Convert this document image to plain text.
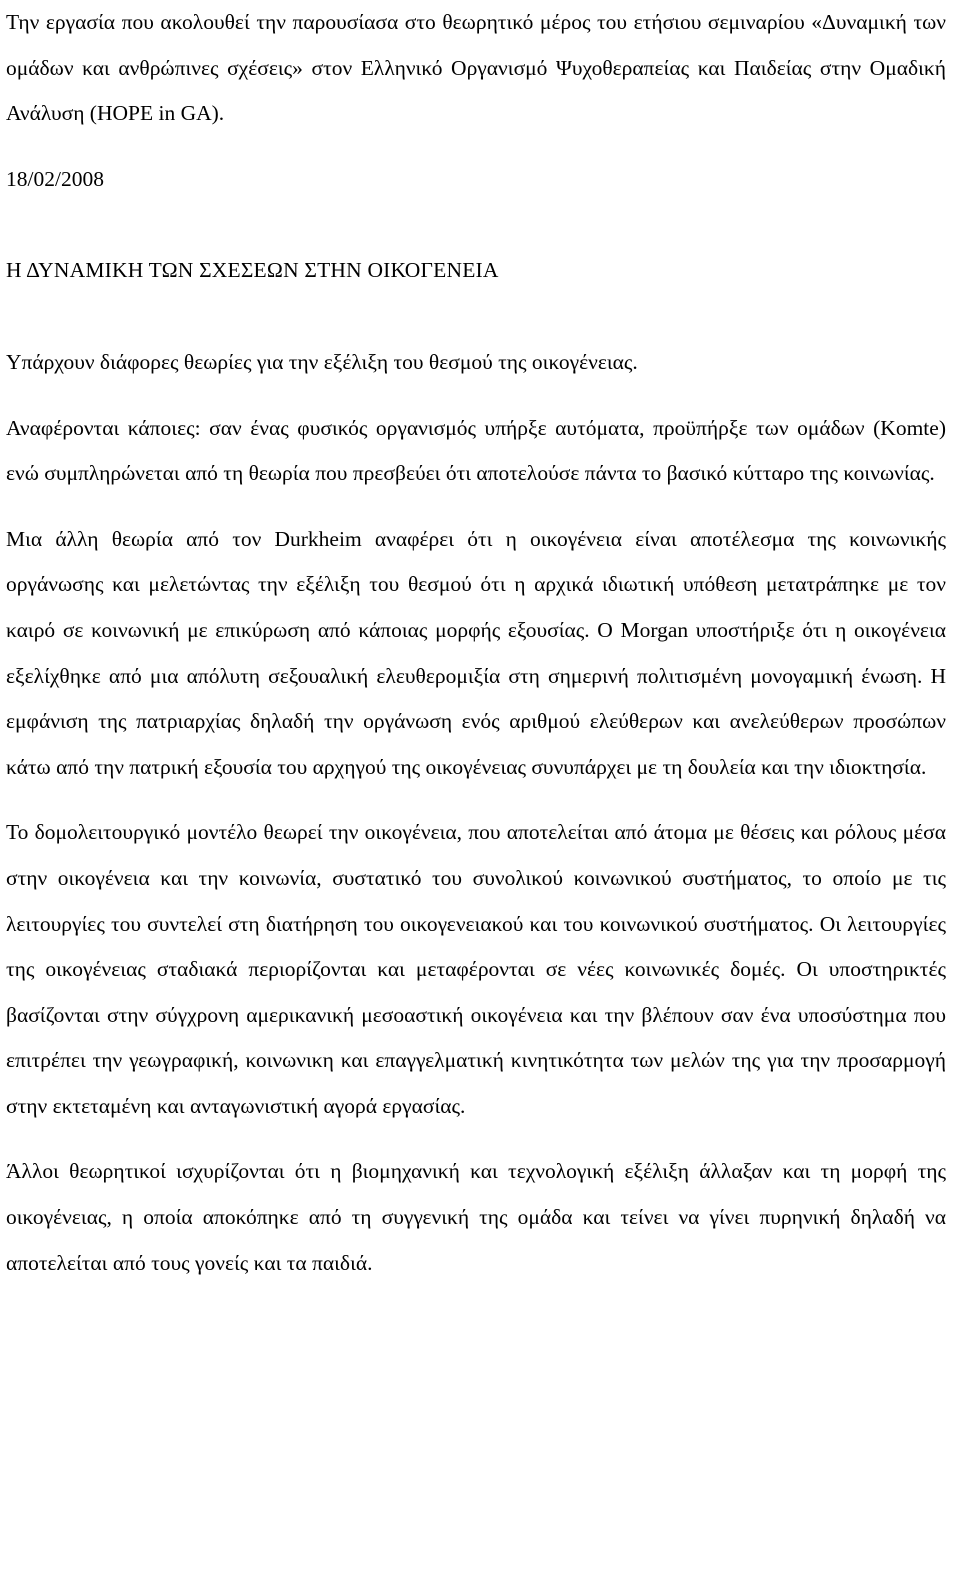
Την εργασία που ακολουθεί την παρουσίασα στο θεωρητικό μέρος του ετήσιου σεμιναρίου «Δυναμική των ομάδων και ανθρώπινες σχέσεις» στον Ελληνικό Οργανισμό Ψυχοθεραπείας και Παιδείας στην Ομαδική Ανάλυση (HOPE in GA).

18/02/2008

Η ΔΥΝΑΜΙΚΗ ΤΩΝ ΣΧΕΣΕΩΝ ΣΤΗΝ ΟΙΚΟΓΕΝΕΙΑ

Υπάρχουν διάφορες θεωρίες για την εξέλιξη του θεσμού της οικογένειας.

Αναφέρονται κάποιες: σαν ένας φυσικός οργανισμός υπήρξε αυτόματα, προϋπήρξε των ομάδων (Komte) ενώ συμπληρώνεται από τη θεωρία που πρεσβεύει ότι αποτελούσε πάντα το βασικό κύτταρο της κοινωνίας.

Μια άλλη θεωρία από τον Durkheim αναφέρει ότι η οικογένεια είναι αποτέλεσμα της κοινωνικής οργάνωσης και μελετώντας την εξέλιξη του θεσμού ότι η αρχικά ιδιωτική υπόθεση μετατράπηκε με τον καιρό σε κοινωνική με επικύρωση από κάποιας μορφής εξουσίας. Ο Morgan υποστήριξε ότι η οικογένεια εξελίχθηκε από μια απόλυτη σεξουαλική ελευθερομιξία στη σημερινή πολιτισμένη μονογαμική ένωση. Η εμφάνιση της πατριαρχίας δηλαδή την οργάνωση ενός αριθμού ελεύθερων και ανελεύθερων προσώπων κάτω από την πατρική εξουσία του αρχηγού της οικογένειας συνυπάρχει με τη δουλεία και την ιδιοκτησία.

Το δομολειτουργικό μοντέλο θεωρεί την οικογένεια, που αποτελείται από άτομα με θέσεις και ρόλους μέσα στην οικογένεια και την κοινωνία, συστατικό του συνολικού κοινωνικού συστήματος, το οποίο με τις λειτουργίες του συντελεί στη διατήρηση του οικογενειακού και του κοινωνικού συστήματος. Οι λειτουργίες της οικογένειας σταδιακά περιορίζονται και μεταφέρονται σε νέες κοινωνικές δομές. Οι υποστηρικτές βασίζονται στην σύγχρονη αμερικανική μεσοαστική οικογένεια και την βλέπουν σαν ένα υποσύστημα που επιτρέπει την γεωγραφική, κοινωνικη και επαγγελματική κινητικότητα των μελών της για την προσαρμογή στην εκτεταμένη και ανταγωνιστική αγορά εργασίας.

Άλλοι θεωρητικοί ισχυρίζονται ότι η βιομηχανική και τεχνολογική εξέλιξη άλλαξαν και τη μορφή της οικογένειας, η οποία αποκόπηκε από τη συγγενική της ομάδα και τείνει να γίνει πυρηνική δηλαδή να αποτελείται από τους γονείς και τα παιδιά.
